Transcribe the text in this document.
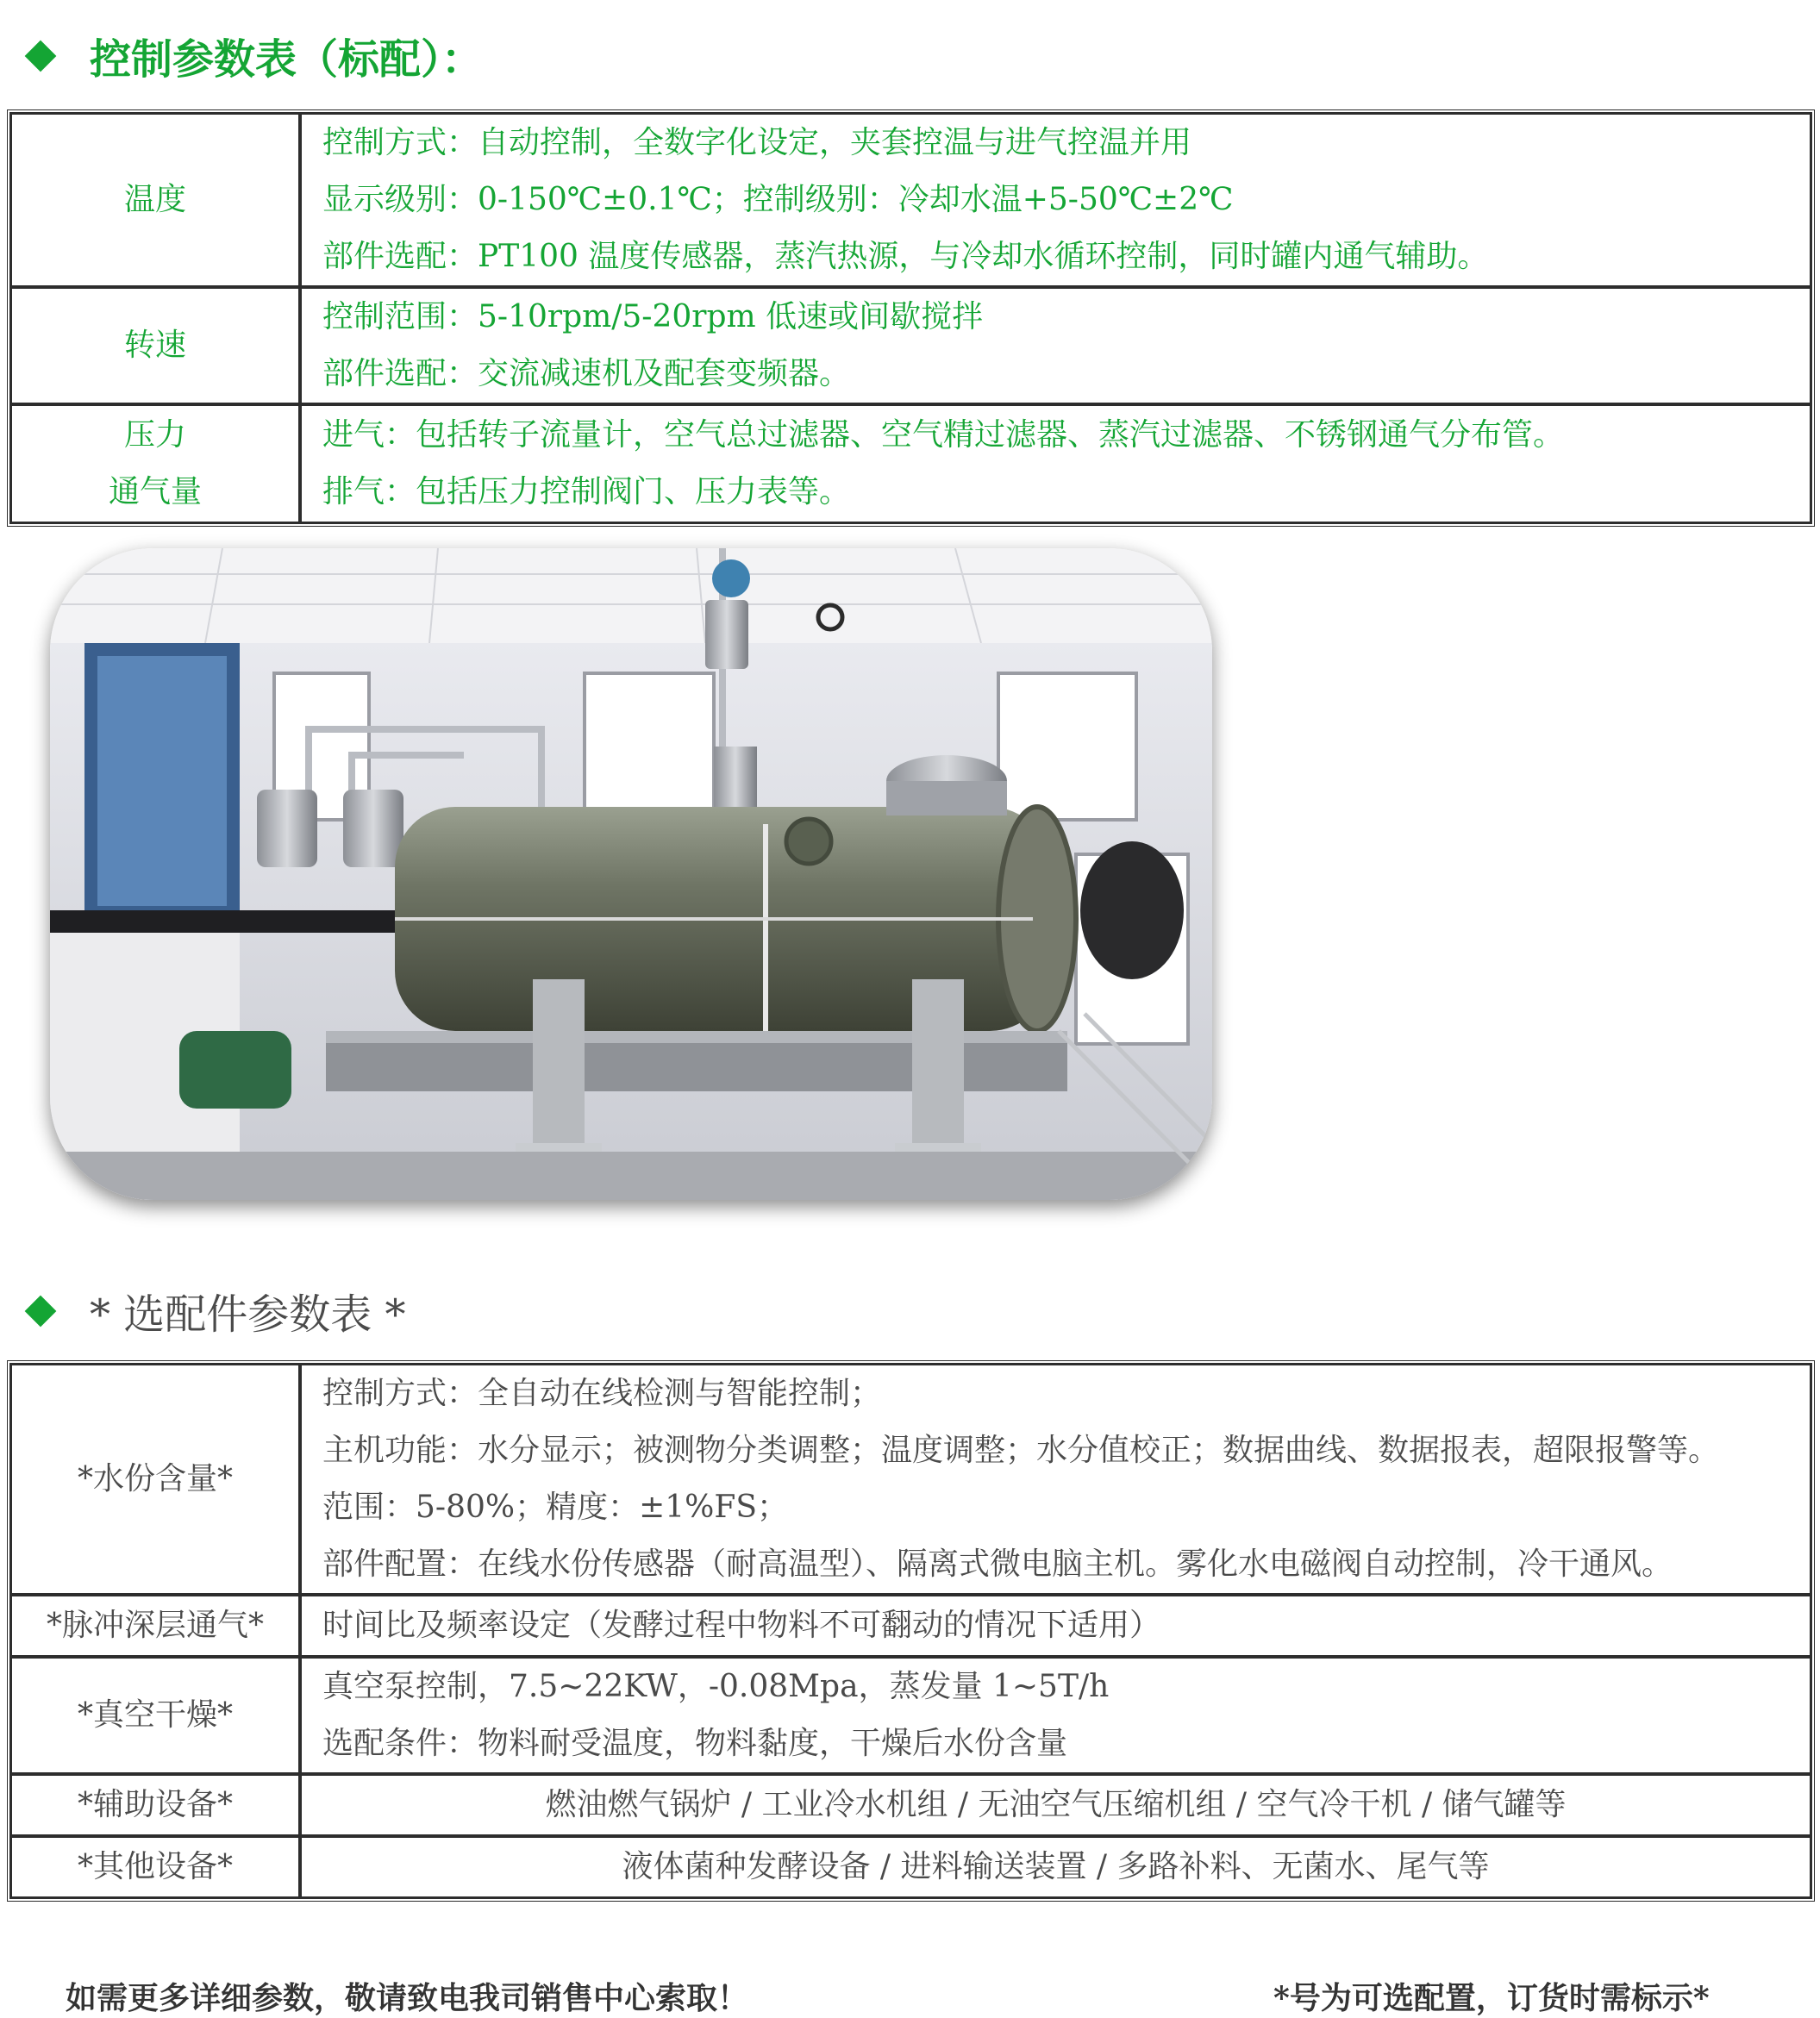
控制参数表（标配）：
温度	控制方式：自动控制，全数字化设定，夹套控温与进气控温并用
显示级别：0-150℃±0.1℃；控制级别：冷却水温+5-50℃±2℃
部件选配：PT100 温度传感器，蒸汽热源，与冷却水循环控制，同时罐内通气辅助。

转速	控制范围：5-10rpm/5-20rpm 低速或间歇搅拌
部件选配：交流减速机及配套变频器。

压力
通气量	进气：包括转子流量计，空气总过滤器、空气精过滤器、蒸汽过滤器、不锈钢通气分布管。
排气：包括压力控制阀门、压力表等。
* 选配件参数表 *
*水份含量*	控制方式：全自动在线检测与智能控制；
主机功能：水分显示；被测物分类调整；温度调整；水分值校正；数据曲线、数据报表，超限报警等。
范围：5-80%；精度：±1%FS；
部件配置：在线水份传感器（耐高温型）、隔离式微电脑主机。雾化水电磁阀自动控制，冷干通风。

*脉冲深层通气*	时间比及频率设定（发酵过程中物料不可翻动的情况下适用）

*真空干燥*	真空泵控制，7.5~22KW，-0.08Mpa，蒸发量 1~5T/h
选配条件：物料耐受温度，物料黏度，干燥后水份含量

*辅助设备*	燃油燃气锅炉 / 工业冷水机组 / 无油空气压缩机组 / 空气冷干机 / 储气罐等

*其他设备*	液体菌种发酵设备 / 进料输送装置 / 多路补料、无菌水、尾气等
如需更多详细参数，敬请致电我司销售中心索取！	*号为可选配置，订货时需标示*
